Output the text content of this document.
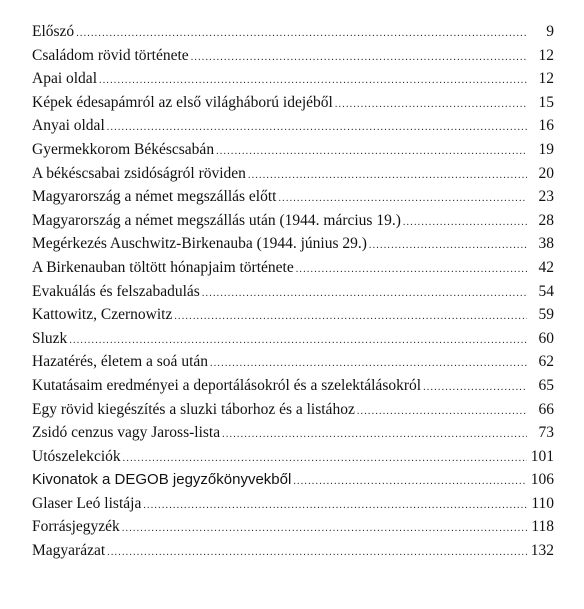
Előszó .....	9
Családom rövid története .....	12
Apai oldal .....	12
Képek édesapámról az első világháború idejéből .....	15
Anyai oldal .....	16
Gyermekkorom Békéscsabán .....	19
A békéscsabai zsidóságról röviden .....	20
Magyarország a német megszállás előtt .....	23
Magyarország a német megszállás után (1944. március 19.) .....	28
Megérkezés Auschwitz-Birkenauba (1944. június 29.) .....	38
A Birkenauban töltött hónapjaim története .....	42
Evakuálás és felszabadulás .....	54
Kattowitz, Czernowitz .....	59
Sluzk .....	60
Hazatérés, életem a soá után .....	62
Kutatásaim eredményei a deportálásokról és a szelektálásokról .....	65
Egy rövid kiegészítés a sluzki táborhoz és a listához .....	66
Zsidó cenzus vagy Jaross-lista .....	73
Utószelekciók .....	101
Kivonatok a DEGOB jegyzőkönyvekből .....	106
Glaser Leó listája .....	110
Forrásjegyzék .....	118
Magyarázat .....	132
